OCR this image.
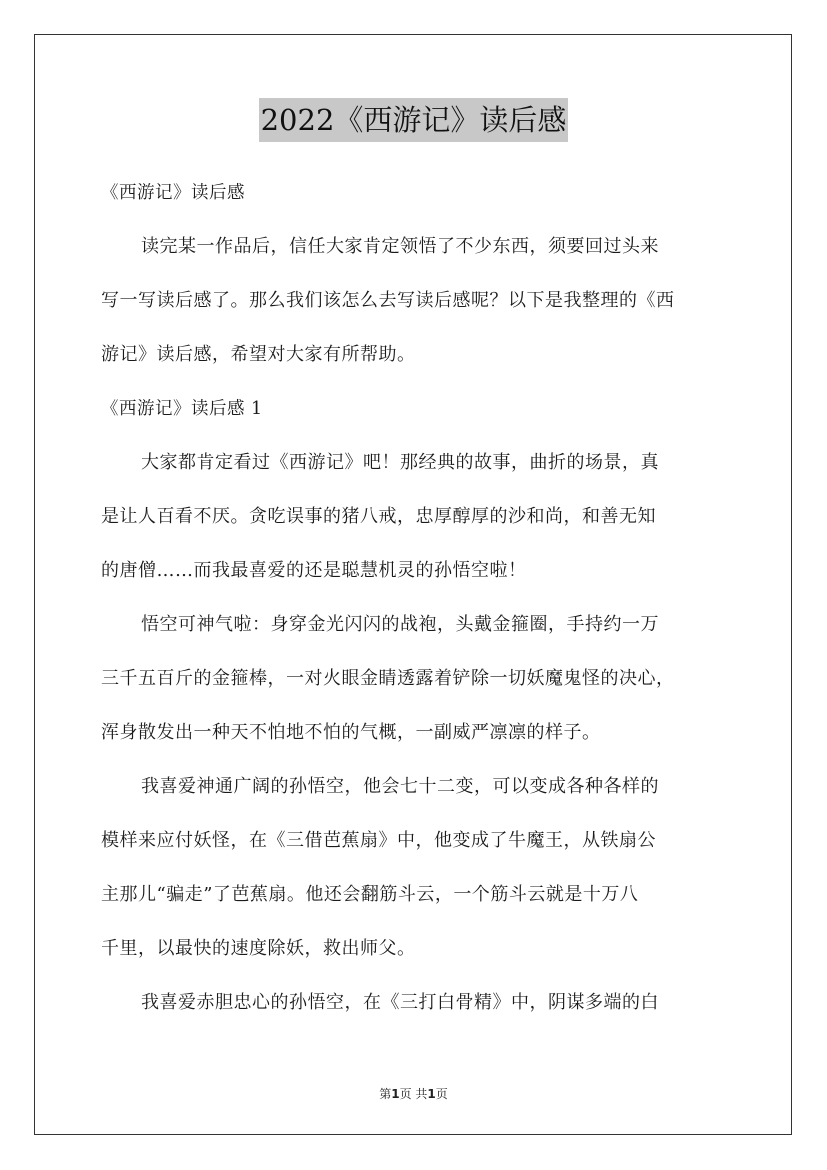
2022《西游记》读后感

《西游记》读后感

读完某一作品后，信任大家肯定领悟了不少东西，须要回过头来

写一写读后感了。那么我们该怎么去写读后感呢？以下是我整理的《西

游记》读后感，希望对大家有所帮助。

《西游记》读后感 1

大家都肯定看过《西游记》吧！那经典的故事，曲折的场景，真

是让人百看不厌。贪吃误事的猪八戒，忠厚醇厚的沙和尚，和善无知

的唐僧……而我最喜爱的还是聪慧机灵的孙悟空啦！

悟空可神气啦：身穿金光闪闪的战袍，头戴金箍圈，手持约一万

三千五百斤的金箍棒，一对火眼金睛透露着铲除一切妖魔鬼怪的决心，

浑身散发出一种天不怕地不怕的气概，一副威严凛凛的样子。

我喜爱神通广阔的孙悟空，他会七十二变，可以变成各种各样的

模样来应付妖怪，在《三借芭蕉扇》中，他变成了牛魔王，从铁扇公

主那儿“骗走”了芭蕉扇。他还会翻筋斗云，一个筋斗云就是十万八

千里，以最快的速度除妖，救出师父。

我喜爱赤胆忠心的孙悟空，在《三打白骨精》中，阴谋多端的白

第1页 共1页
